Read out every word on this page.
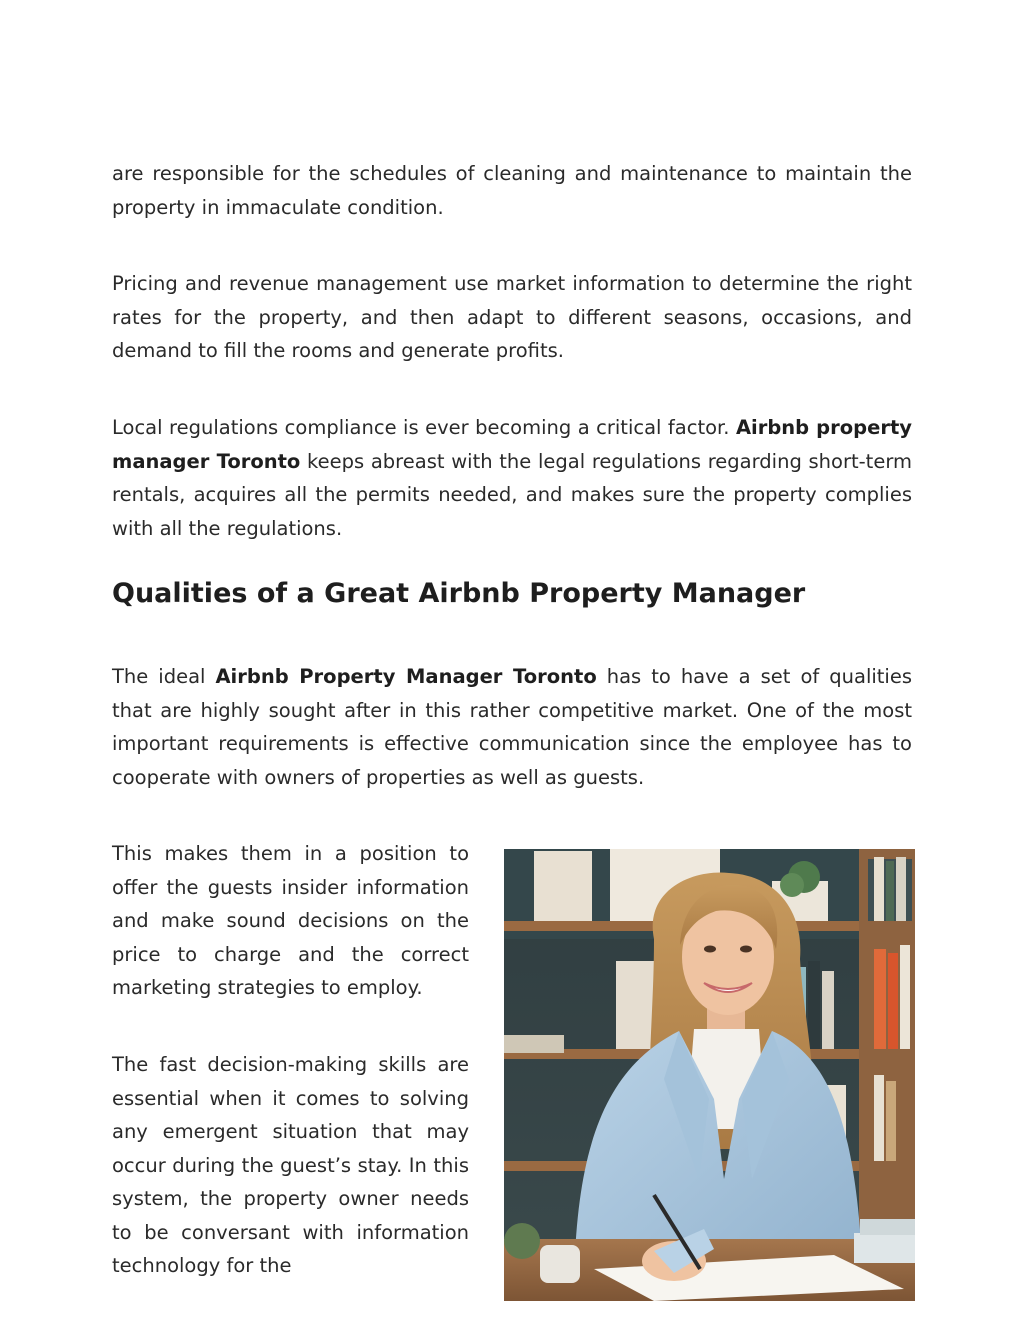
are responsible for the schedules of cleaning and maintenance to maintain the property in immaculate condition.

Pricing and revenue management use market information to determine the right rates for the property, and then adapt to different seasons, occasions, and demand to fill the rooms and generate profits.

Local regulations compliance is ever becoming a critical factor. Airbnb property manager Toronto keeps abreast with the legal regulations regarding short-term rentals, acquires all the permits needed, and makes sure the property complies with all the regulations.

Qualities of a Great Airbnb Property Manager

The ideal Airbnb Property Manager Toronto has to have a set of qualities that are highly sought after in this rather competitive market. One of the most important requirements is effective communication since the employee has to cooperate with owners of properties as well as guests.

This makes them in a position to offer the guests insider information and make sound decisions on the price to charge and the correct marketing strategies to employ.

The fast decision-making skills are essential when it comes to solving any emergent situation that may occur during the guest’s stay. In this system, the property owner needs to be conversant with information technology for the
